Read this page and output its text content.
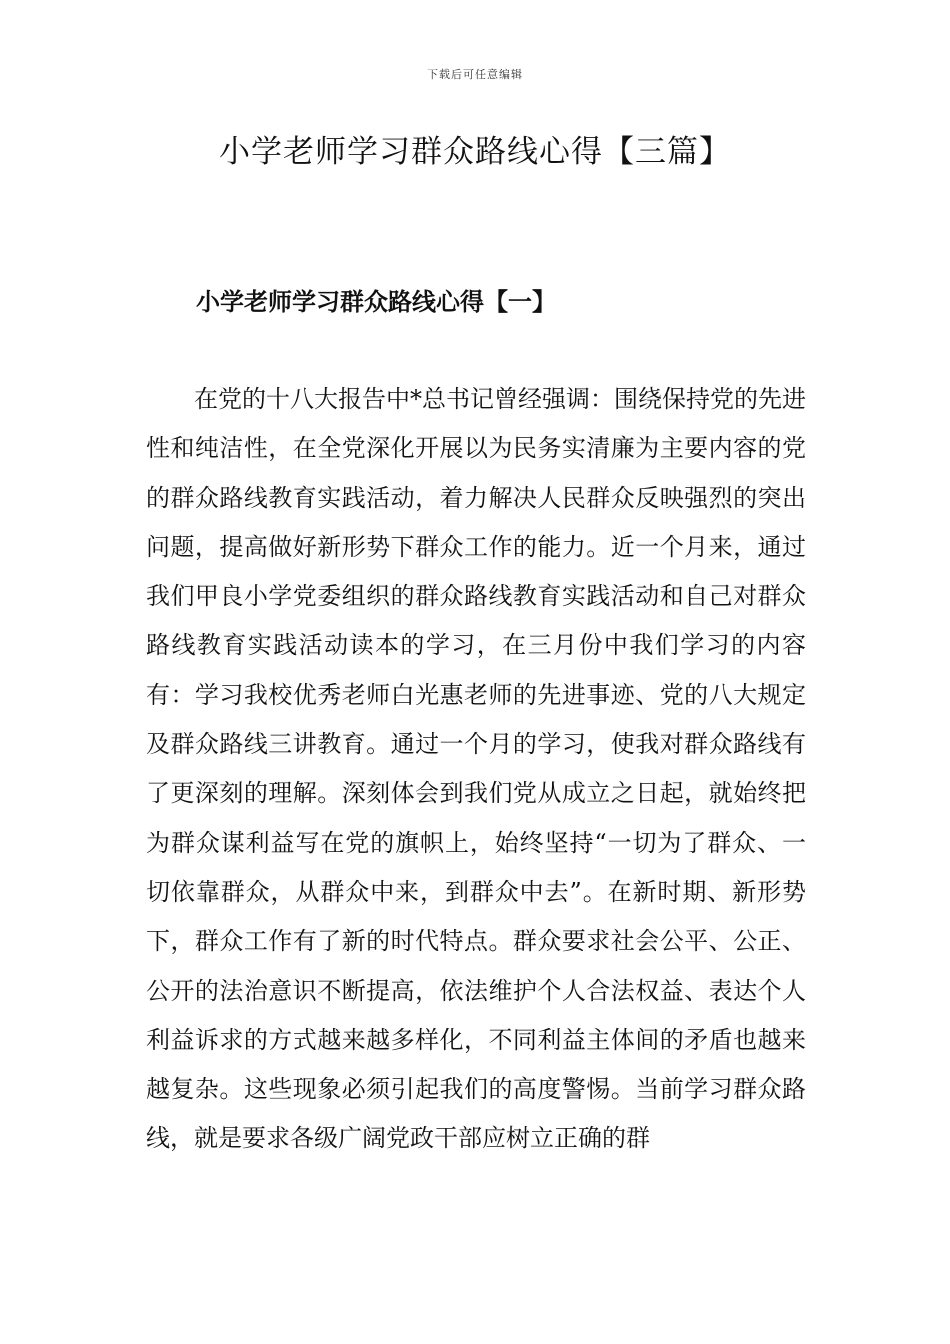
下载后可任意编辑
小学老师学习群众路线心得【三篇】
小学老师学习群众路线心得【一】

在党的十八大报告中*总书记曾经强调：围绕保持党的先进性和纯洁性，在全党深化开展以为民务实清廉为主要内容的党的群众路线教育实践活动，着力解决人民群众反映强烈的突出问题，提高做好新形势下群众工作的能力。近一个月来，通过我们甲良小学党委组织的群众路线教育实践活动和自己对群众路线教育实践活动读本的学习，在三月份中我们学习的内容有：学习我校优秀老师白光惠老师的先进事迹、党的八大规定及群众路线三讲教育。通过一个月的学习，使我对群众路线有了更深刻的理解。深刻体会到我们党从成立之日起，就始终把为群众谋利益写在党的旗帜上，始终坚持“一切为了群众、一切依靠群众，从群众中来，到群众中去”。在新时期、新形势下，群众工作有了新的时代特点。群众要求社会公平、公正、公开的法治意识不断提高，依法维护个人合法权益、表达个人利益诉求的方式越来越多样化，不同利益主体间的矛盾也越来越复杂。这些现象必须引起我们的高度警惕。当前学习群众路线，就是要求各级广阔党政干部应树立正确的群
